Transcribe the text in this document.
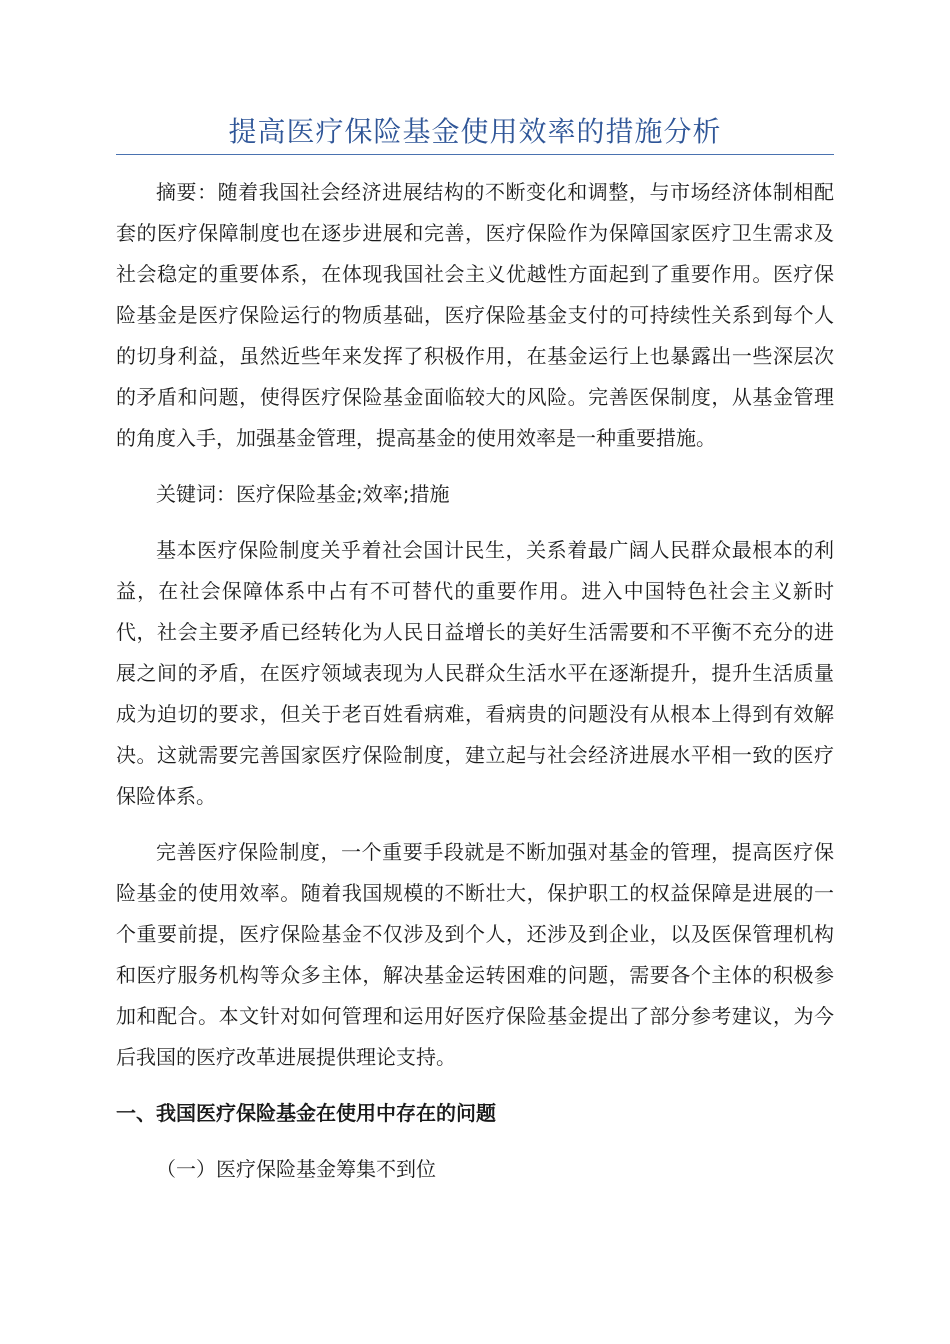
提高医疗保险基金使用效率的措施分析

摘要：随着我国社会经济进展结构的不断变化和调整，与市场经济体制相配套的医疗保障制度也在逐步进展和完善，医疗保险作为保障国家医疗卫生需求及社会稳定的重要体系，在体现我国社会主义优越性方面起到了重要作用。医疗保险基金是医疗保险运行的物质基础，医疗保险基金支付的可持续性关系到每个人的切身利益，虽然近些年来发挥了积极作用，在基金运行上也暴露出一些深层次的矛盾和问题，使得医疗保险基金面临较大的风险。完善医保制度，从基金管理的角度入手，加强基金管理，提高基金的使用效率是一种重要措施。

关键词：医疗保险基金;效率;措施

基本医疗保险制度关乎着社会国计民生，关系着最广阔人民群众最根本的利益，在社会保障体系中占有不可替代的重要作用。进入中国特色社会主义新时代，社会主要矛盾已经转化为人民日益增长的美好生活需要和不平衡不充分的进展之间的矛盾，在医疗领域表现为人民群众生活水平在逐渐提升，提升生活质量成为迫切的要求，但关于老百姓看病难，看病贵的问题没有从根本上得到有效解决。这就需要完善国家医疗保险制度，建立起与社会经济进展水平相一致的医疗保险体系。

完善医疗保险制度，一个重要手段就是不断加强对基金的管理，提高医疗保险基金的使用效率。随着我国规模的不断壮大，保护职工的权益保障是进展的一个重要前提，医疗保险基金不仅涉及到个人，还涉及到企业，以及医保管理机构和医疗服务机构等众多主体，解决基金运转困难的问题，需要各个主体的积极参加和配合。本文针对如何管理和运用好医疗保险基金提出了部分参考建议，为今后我国的医疗改革进展提供理论支持。

一、我国医疗保险基金在使用中存在的问题

（一）医疗保险基金筹集不到位
